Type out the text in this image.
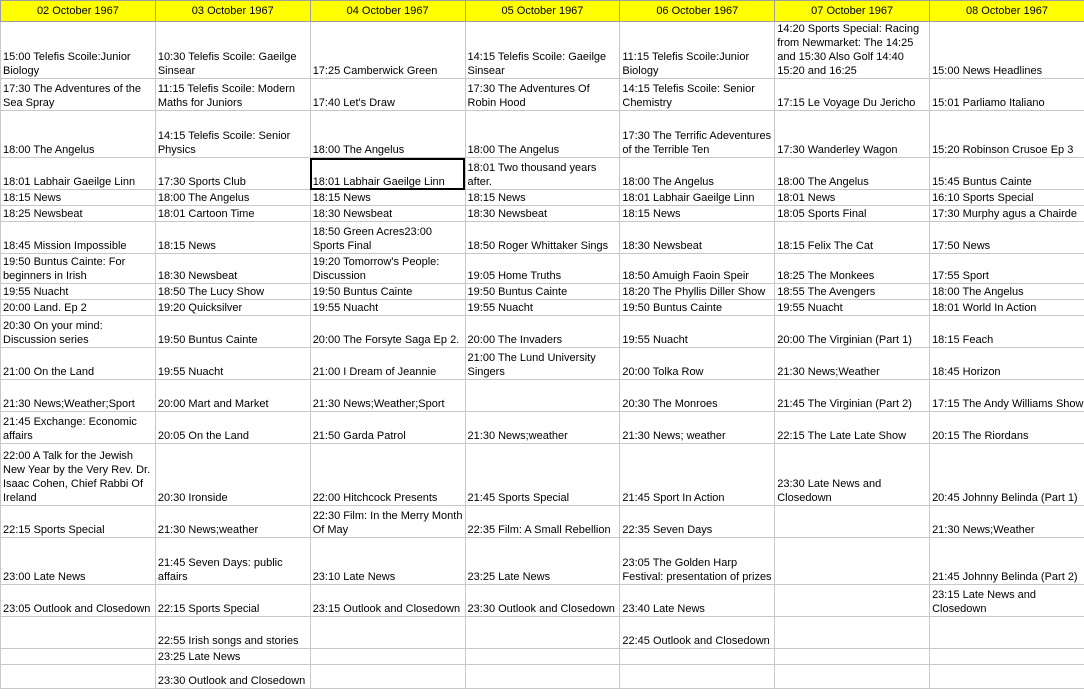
02 October 1967	03 October 1967	04 October 1967	05 October 1967	06 October 1967	07 October 1967	08 October 1967
15:00 Telefis Scoile:Junior Biology	10:30 Telefis Scoile: Gaeilge Sinsear	17:25 Camberwick Green	14:15 Telefis Scoile: Gaeilge Sinsear	11:15 Telefis Scoile:Junior Biology	14:20 Sports Special: Racing from Newmarket: The 14:25 and 15:30 Also Golf 14:40 15:20 and 16:25	15:00 News Headlines
17:30 The Adventures of the Sea Spray	11:15 Telefis Scoile: Modern Maths for Juniors	17:40 Let's Draw	17:30 The Adventures Of Robin Hood	14:15 Telefis Scoile: Senior Chemistry	17:15 Le Voyage Du Jericho	15:01 Parliamo Italiano
18:00 The Angelus	14:15 Telefis Scoile: Senior Physics	18:00 The Angelus	18:00 The Angelus	17:30 The Terrific Adeventures of the Terrible Ten	17:30 Wanderley Wagon	15:20 Robinson Crusoe Ep 3
18:01 Labhair Gaeilge Linn	17:30 Sports Club	18:01 Labhair Gaeilge Linn	18:01 Two thousand years after.	18:00 The Angelus	18:00 The Angelus	15:45 Buntus Cainte
18:15 News	18:00 The Angelus	18:15 News	18:15 News	18:01 Labhair Gaeilge Linn	18:01 News	16:10 Sports Special
18:25 Newsbeat	18:01 Cartoon Time	18:30 Newsbeat	18:30 Newsbeat	18:15 News	18:05 Sports Final	17:30 Murphy agus a Chairde
18:45 Mission Impossible	18:15 News	18:50 Green Acres23:00 Sports Final	18:50 Roger Whittaker Sings	18:30 Newsbeat	18:15 Felix The Cat	17:50 News
19:50 Buntus Cainte: For beginners in Irish	18:30 Newsbeat	19:20 Tomorrow's People: Discussion	19:05 Home Truths	18:50 Amuigh Faoin Speir	18:25 The Monkees	17:55 Sport
19:55 Nuacht	18:50 The Lucy Show	19:50 Buntus Cainte	19:50 Buntus Cainte	18:20 The Phyllis Diller Show	18:55 The Avengers	18:00 The Angelus
20:00 Land. Ep 2	19:20 Quicksilver	19:55 Nuacht	19:55 Nuacht	19:50 Buntus Cainte	19:55 Nuacht	18:01 World In Action
20:30 On your mind: Discussion series	19:50 Buntus Cainte	20:00 The Forsyte Saga Ep 2.	20:00 The Invaders	19:55 Nuacht	20:00 The Virginian (Part 1)	18:15 Feach
21:00 On the Land	19:55 Nuacht	21:00 I Dream of Jeannie	21:00 The Lund University Singers	20:00 Tolka Row	21:30 News;Weather	18:45 Horizon
21:30 News;Weather;Sport	20:00 Mart and Market	21:30 News;Weather;Sport		20:30 The Monroes	21:45 The Virginian (Part 2)	17:15 The Andy Williams Show
21:45 Exchange: Economic affairs	20:05 On the Land	21:50 Garda Patrol	21:30 News;weather	21:30 News; weather	22:15 The Late Late Show	20:15 The Riordans
22:00 A Talk for the Jewish New Year by the Very Rev. Dr. Isaac Cohen, Chief Rabbi Of Ireland	20:30 Ironside	22:00 Hitchcock Presents	21:45 Sports Special	21:45 Sport In Action	23:30 Late News and Closedown	20:45 Johnny Belinda (Part 1)
22:15 Sports Special	21:30 News;weather	22:30 Film: In the Merry Month Of May	22:35 Film: A Small Rebellion	22:35 Seven Days		21:30 News;Weather
23:00 Late News	21:45 Seven Days: public affairs	23:10 Late News	23:25 Late News	23:05 The Golden Harp Festival: presentation of prizes		21:45 Johnny Belinda (Part 2)
23:05 Outlook and Closedown	22:15 Sports Special	23:15 Outlook and Closedown	23:30 Outlook and Closedown	23:40 Late News		23:15 Late News and Closedown
	22:55 Irish songs and stories			22:45 Outlook and Closedown		
	23:25 Late News					
	23:30 Outlook and Closedown					
